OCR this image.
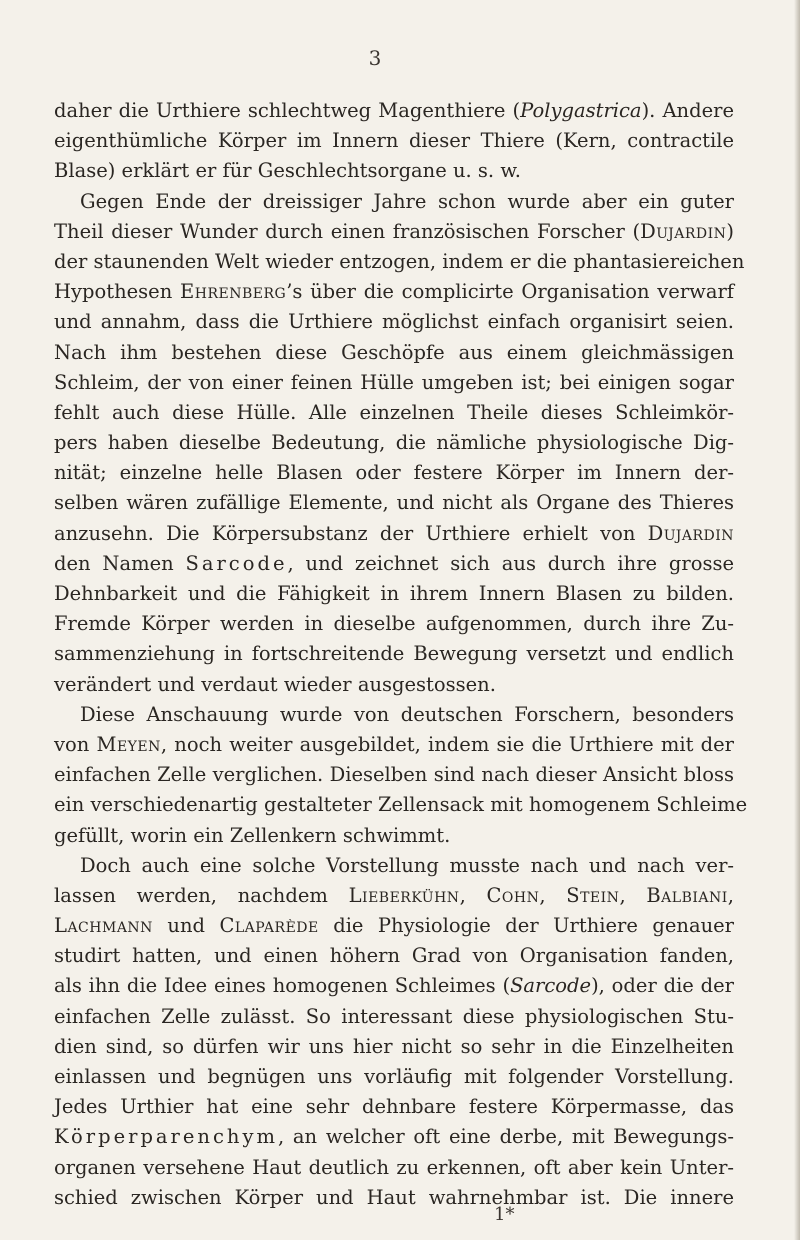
3
daher die Urthiere schlechtweg Magenthiere (Polygastrica). Andere
eigenthümliche Körper im Innern dieser Thiere (Kern, contractile
Blase) erklärt er für Geschlechtsorgane u. s. w.
Gegen Ende der dreissiger Jahre schon wurde aber ein guter
Theil dieser Wunder durch einen französischen Forscher (Dujardin)
der staunenden Welt wieder entzogen, indem er die phantasiereichen
Hypothesen Ehrenberg’s über die complicirte Organisation verwarf
und annahm, dass die Urthiere möglichst einfach organisirt seien.
Nach ihm bestehen diese Geschöpfe aus einem gleichmässigen
Schleim, der von einer feinen Hülle umgeben ist; bei einigen sogar
fehlt auch diese Hülle. Alle einzelnen Theile dieses Schleimkör-
pers haben dieselbe Bedeutung, die nämliche physiologische Dig-
nität; einzelne helle Blasen oder festere Körper im Innern der-
selben wären zufällige Elemente, und nicht als Organe des Thieres
anzusehn. Die Körpersubstanz der Urthiere erhielt von Dujardin
den Namen Sarcode, und zeichnet sich aus durch ihre grosse
Dehnbarkeit und die Fähigkeit in ihrem Innern Blasen zu bilden.
Fremde Körper werden in dieselbe aufgenommen, durch ihre Zu-
sammenziehung in fortschreitende Bewegung versetzt und endlich
verändert und verdaut wieder ausgestossen.
Diese Anschauung wurde von deutschen Forschern, besonders
von Meyen, noch weiter ausgebildet, indem sie die Urthiere mit der
einfachen Zelle verglichen. Dieselben sind nach dieser Ansicht bloss
ein verschiedenartig gestalteter Zellensack mit homogenem Schleime
gefüllt, worin ein Zellenkern schwimmt.
Doch auch eine solche Vorstellung musste nach und nach ver-
lassen werden, nachdem Lieberkühn, Cohn, Stein, Balbiani,
Lachmann und Claparède die Physiologie der Urthiere genauer
studirt hatten, und einen höhern Grad von Organisation fanden,
als ihn die Idee eines homogenen Schleimes (Sarcode), oder die der
einfachen Zelle zulässt. So interessant diese physiologischen Stu-
dien sind, so dürfen wir uns hier nicht so sehr in die Einzelheiten
einlassen und begnügen uns vorläufig mit folgender Vorstellung.
Jedes Urthier hat eine sehr dehnbare festere Körpermasse, das
Körperparenchym, an welcher oft eine derbe, mit Bewegungs-
organen versehene Haut deutlich zu erkennen, oft aber kein Unter-
schied zwischen Körper und Haut wahrnehmbar ist. Die innere
1*
